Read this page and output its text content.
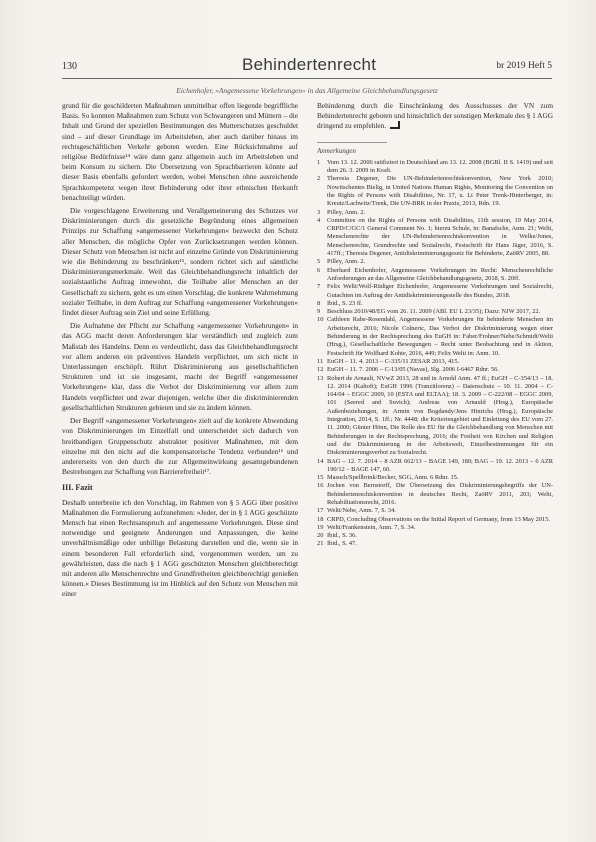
130	Behindertenrecht	br 2019 Heft 5
Eichenhofer, »Angemessene Vorkehrungen« in das Allgemeine Gleichbehandlungsgesetz

grund für die geschilderten Maßnahmen unmittelbar offen liegende begriffliche Basis. So konnten Maßnahmen zum Schutz von Schwangeren und Müttern – die Inhalt und Grund der speziellen Bestimmungen des Mutterschutzes geschuldet sind – auf dieser Grundlage im Arbeitsleben, aber auch darüber hinaus im rechtsgeschäftlichen Verkehr geboten werden. Eine Rücksichtnahme auf religiöse Bedürfnisse¹⁴ wäre dann ganz allgemein auch im Arbeitsleben und beim Konsum zu sichern. Die Übersetzung von Sprachbarrieren könnte auf dieser Basis ebenfalls gefordert werden, wobei Menschen ohne ausreichende Sprachkompetenz wegen ihrer Behinderung oder ihrer ethnischen Herkunft benachteiligt würden.

Die vorgeschlagene Erweiterung und Verallgemeinerung des Schutzes vor Diskriminierungen durch die gesetzliche Begründung eines allgemeinen Prinzips zur Schaffung »angemessener Vorkehrungen« bezweckt den Schutz aller Menschen, die mögliche Opfer von Zurücksetzungen werden können. Dieser Schutz von Menschen ist nicht auf einzelne Gründe von Diskriminierung wie die Behinderung zu beschränken¹⁵, sondern richtet sich auf sämtliche Diskriminierungsmerkmale. Weil das Gleichbehandlungsrecht inhaltlich der sozialstaatliche Auftrag innewohnt, die Teilhabe aller Menschen an der Gesellschaft zu sichern, geht es um einen Vorschlag, die konkrete Wahrnehmung sozialer Teilhabe, in dem Auftrag zur Schaffung »angemessener Vorkehrungen« findet dieser Auftrag sein Ziel und seine Erfüllung.

Die Aufnahme der Pflicht zur Schaffung »angemessener Vorkehrungen« in das AGG macht deren Anforderungen klar verständlich und zugleich zum Maßstab des Handelns. Denn es verdeutlicht, dass das Gleichbehandlungsrecht vor allem anderen ein präventives Handeln verpflichtet, um sich nicht in Unterlassungen erschöpft. Rührt Diskriminierung aus gesellschaftlichen Strukturen und ist sie insgesamt, macht der Begriff »angemessener Vorkehrungen« klar, dass die Verbot der Diskriminierung vor allem zum Handeln verpflichtet und zwar diejenigen, welche über die diskriminierenden gesellschaftlichen Strukturen gebieten und sie zu ändern können.

Der Begriff »angemessener Vorkehrungen« zielt auf die konkrete Abwendung von Diskriminierungen im Einzelfall und unterscheidet sich dadurch von breitbandigen Gruppenschutz abstrakter positiver Maßnahmen, mit dem einzelne mit den nicht auf die kompensatorische Tendenz verbunden¹⁶ und andererseits von den durch die zur Allgemeinwirkung gesamtgebundenen Bestrebungen zur Schaffung von Barrierefreiheit¹⁷.

III. Fazit

Deshalb unterbreite ich den Vorschlag, im Rahmen von § 5 AGG über positive Maßnahmen die Formulierung aufzunehmen: »Jeder, der in § 1 AGG geschützte Mensch hat einen Rechtsanspruch auf angemessene Vorkehrungen. Diese sind notwendige und geeignete Änderungen und Anpassungen, die keine unverhältnismäßige oder unbillige Belastung darstellen und die, wenn sie in einem besonderen Fall erforderlich sind, vorgenommen werden, um zu gewährleisten, dass die nach § 1 AGG geschützten Menschen gleichberechtigt mit anderen alle Menschenrechte und Grundfreiheiten gleichberechtigt genießen können.« Dieses Bestimmung ist im Hinblick auf den Schutz von Menschen mit einer

Behinderung durch die Einschränkung des Ausschusses der VN zum Behindertenrecht geboten und hinsichtlich der sonstigen Merkmale des § 1 AGG dringend zu empfehlen.

Anmerkungen
1	Vom 13. 12. 2006 ratifiziert in Deutschland am 13. 12. 2008 (BGBl. II S. 1419) und seit dem 26. 3. 2009 in Kraft.
2	Theresia Degener, Die UN-Behindertenrechtskonvention, New York 2010; Nowitschentes Bielig, in United Nations Human Rights, Monitoring the Convention on the Rights of Persons with Disabilities, Nr. 17, u. Lt Peter Trenk-Hinterberger, in: Kreutz/Lachwitz/Trenk, Die UN-BRK in der Praxis, 2013, Rdn. 19.
3	Pilley, Anm. 2.
4	Committee on the Rights of Persons with Disabilities, 11th session, 19 May 2014, CRPD/C/GC/1 General Comment No. 1; hierzu Schule, in: Banafsche, Anm. 21; Welti, Menschenrechte der UN-Behindertenrechtskonvention in Welke/Jones, Menschenrechte, Grundrechte und Sozialrecht, Festschrift für Hans Jäger, 2016, S. 417ff.; Theresia Degener, Antidiskriminierungsgesetz für Behinderte, ZaöRV 2005, 88.
5	Pilley, Anm. 2.
6	Eberhard Eichenhofer, Angemessene Vorkehrungen im Recht: Menschenrechtliche Anforderungen an das Allgemeine Gleichbehandlungsgesetz, 2018, S. 20ff.
7	Felix Welti/Wolf-Rüdiger Eichenhofer, Angemessene Vorkehrungen und Sozialrecht, Gutachten im Auftrag der Antidiskriminierungsstelle des Bundes, 2018.
8	Ibid., S. 23 ff.
9	Beschluss 2010/48/EG vom 26. 11. 2009 (ABl. EU L 23/35); Dazu: NJW 2017, 22.
10 Cathleen Rabe-Rosendahl, Angemessene Vorkehrungen für behinderte Menschen im Arbeitsrecht, 2016; Nicole Colneric, Das Verbot der Diskriminierung wegen einer Behinderung in der Rechtsprechung des EuGH in: Faber/Frohner/Nebe/Schmidt/Welti (Hrsg.), Gesellschaftliche Bewegungen – Recht unter Beobachtung und in Aktion, Festschrift für Wolfhard Kohte, 2016, 449; Felix Welti in: Anm. 10.
11 EuGH – 11. 4. 2013 – C-335/11 ZESAR 2013, 415.
12 EuGH – 11. 7. 2006 – C-13/05 (Navas), Slg. 2006 I-6467 Rdnr. 56.
13 Robert de Arnault, NVwZ 2013, 28 und in Arnold Anm. 47 ff.; EuGH – C-354/13 – 18. 12. 2014 (Kaltoft); EuGH 1996 (Tranzitlorenz) – Datenschutz – 10. 11. 2004 – C-164/04 – EGGC 2009, 10 (ESTA und ELTAA); 18. 3. 2009 – C-222/08 – EGGC 2009, 101 (Seered and Suvich); Andreas von Arnauld (Hrsg.), Europäische Außenbeziehungen, in: Armin von Bogdandy/Jens Hinrichs (Hrsg.), Europäische Integration, 2014, S. 1ff.; Nr. 4448; die Kriteriengebiet und Einleitung des EU vom 27. 11. 2000; Günter Hönn, Die Rolle des EU für die Gleichbehandlung von Menschen mit Behinderungen in der Rechtsprechung, 2016; die Freiheit von Kirchen und Religion und die Diskriminierung in der Arbeitswelt, Einzelbestimmungen für ein Diskriminierungsverbot zu Sozialrecht.
14 BAG – 12. 7. 2014 – 8 AZR 662/13 – BAGE 149, 180; BAG – 19. 12. 2013 – 6 AZR 190/12 – BAGE 147, 60.
15 Masuch/Spellbrink/Becker, SGG, Anm. 6 Rdnr. 15.
16 Jochen von Bernstorff, Die Übersetzung des Diskriminierungsbegriffs der UN-Behindertenrechtskonvention in deutsches Recht, ZaöRV 2011, 203; Welti, Rehabilitationsrecht, 2016.
17 Welti/Nebe, Anm. 7, S. 34.
18 CRPD, Concluding Observations on the Initial Report of Germany, from 13 May 2015.
19 Welti/Frankenstein, Anm. 7, S. 34.
20 Ibid., S. 36.
21 Ibid., S. 47.
